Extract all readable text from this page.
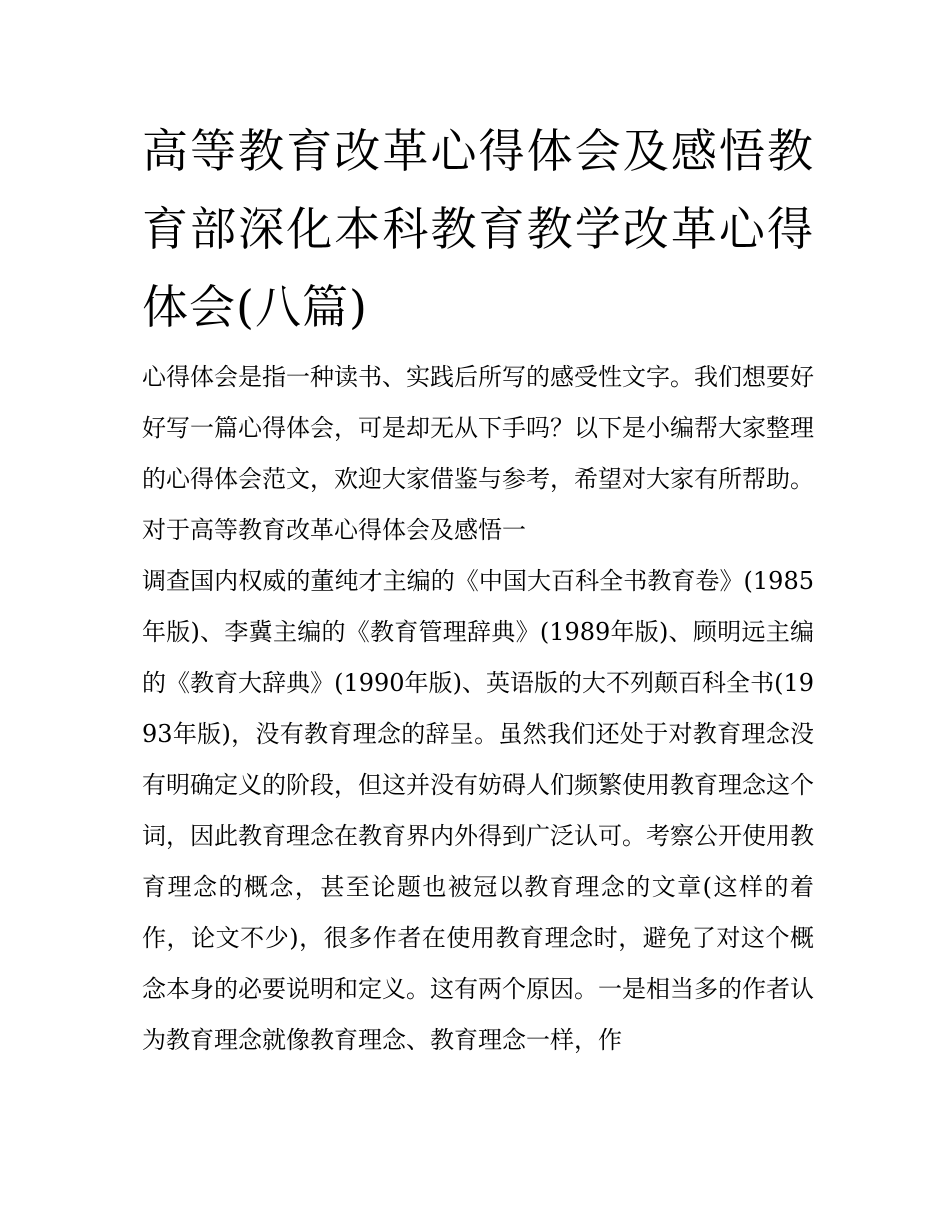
高等教育改革心得体会及感悟教育部深化本科教育教学改革心得体会(八篇)

心得体会是指一种读书、实践后所写的感受性文字。我们想要好好写一篇心得体会，可是却无从下手吗？以下是小编帮大家整理的心得体会范文，欢迎大家借鉴与参考，希望对大家有所帮助。

对于高等教育改革心得体会及感悟一

调查国内权威的董纯才主编的《中国大百科全书教育卷》(1985年版)、李冀主编的《教育管理辞典》(1989年版)、顾明远主编的《教育大辞典》(1990年版)、英语版的大不列颠百科全书(1993年版)，没有教育理念的辞呈。虽然我们还处于对教育理念没有明确定义的阶段，但这并没有妨碍人们频繁使用教育理念这个词，因此教育理念在教育界内外得到广泛认可。考察公开使用教育理念的概念，甚至论题也被冠以教育理念的文章(这样的着作，论文不少)，很多作者在使用教育理念时，避免了对这个概念本身的必要说明和定义。这有两个原因。一是相当多的作者认为教育理念就像教育理念、教育理念一样，作
